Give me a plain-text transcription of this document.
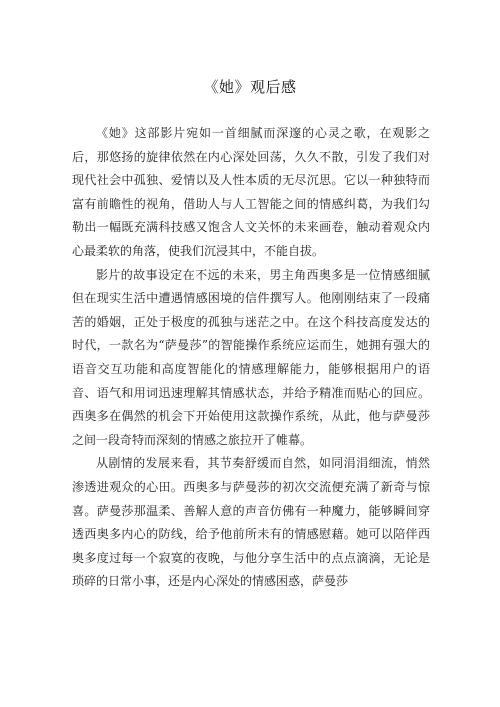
《她》观后感

《她》这部影片宛如一首细腻而深邃的心灵之歌，在观影之后，那悠扬的旋律依然在内心深处回荡，久久不散，引发了我们对现代社会中孤独、爱情以及人性本质的无尽沉思。它以一种独特而富有前瞻性的视角，借助人与人工智能之间的情感纠葛，为我们勾勒出一幅既充满科技感又饱含人文关怀的未来画卷，触动着观众内心最柔软的角落，使我们沉浸其中，不能自拔。

影片的故事设定在不远的未来，男主角西奥多是一位情感细腻但在现实生活中遭遇情感困境的信件撰写人。他刚刚结束了一段痛苦的婚姻，正处于极度的孤独与迷茫之中。在这个科技高度发达的时代，一款名为“萨曼莎”的智能操作系统应运而生，她拥有强大的语音交互功能和高度智能化的情感理解能力，能够根据用户的语音、语气和用词迅速理解其情感状态，并给予精准而贴心的回应。西奥多在偶然的机会下开始使用这款操作系统，从此，他与萨曼莎之间一段奇特而深刻的情感之旅拉开了帷幕。

从剧情的发展来看，其节奏舒缓而自然，如同涓涓细流，悄然渗透进观众的心田。西奥多与萨曼莎的初次交流便充满了新奇与惊喜。萨曼莎那温柔、善解人意的声音仿佛有一种魔力，能够瞬间穿透西奥多内心的防线，给予他前所未有的情感慰藉。她可以陪伴西奥多度过每一个寂寞的夜晚，与他分享生活中的点点滴滴，无论是琐碎的日常小事，还是内心深处的情感困惑，萨曼莎
